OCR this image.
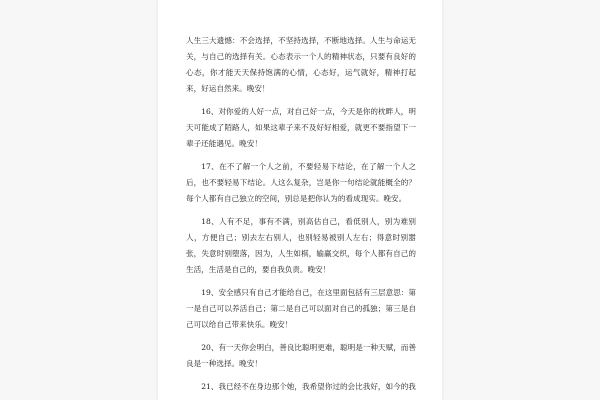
人生三大遗憾：不会选择，不坚持选择，不断地选择。人生与命运无关，与自己的选择有关。心态表示一个人的精神状态，只要有良好的心态，你才能天天保持饱满的心情，心态好，运气就好，精神打起来，好运自然来。晚安！

16、对你爱的人好一点，对自己好一点，今天是你的枕畔人，明天可能成了陌路人，如果这辈子来不及好好相爱，就更不要指望下一辈子还能遇见。晚安！

17、在不了解一个人之前，不要轻易下结论，在了解一个人之后，也不要轻易下结论。人这么复杂，岂是你一句结论就能概全的？每个人都有自己独立的空间，别总是把你认为的看成现实。晚安。

18、人有不足，事有不满，别高估自己，看低别人，别为难别人，方便自己；别去左右别人，也别轻易被别人左右；得意时别嚣张，失意时别堕落，因为，人生如棋，输赢交织，每个人都有自己的生活，生活是自己的，要自我负责。晚安！

19、安全感只有自己才能给自己，在这里面包括有三层意思：第一是自己可以养活自己；第二是自己可以面对自己的孤独；第三是自己可以给自己带来快乐。晚安！

20、有一天你会明白，善良比聪明更难，聪明是一种天赋，而善良是一种选择。晚安！

21、我已经不在身边那个她，我希望你过的会比我好，如今的我
